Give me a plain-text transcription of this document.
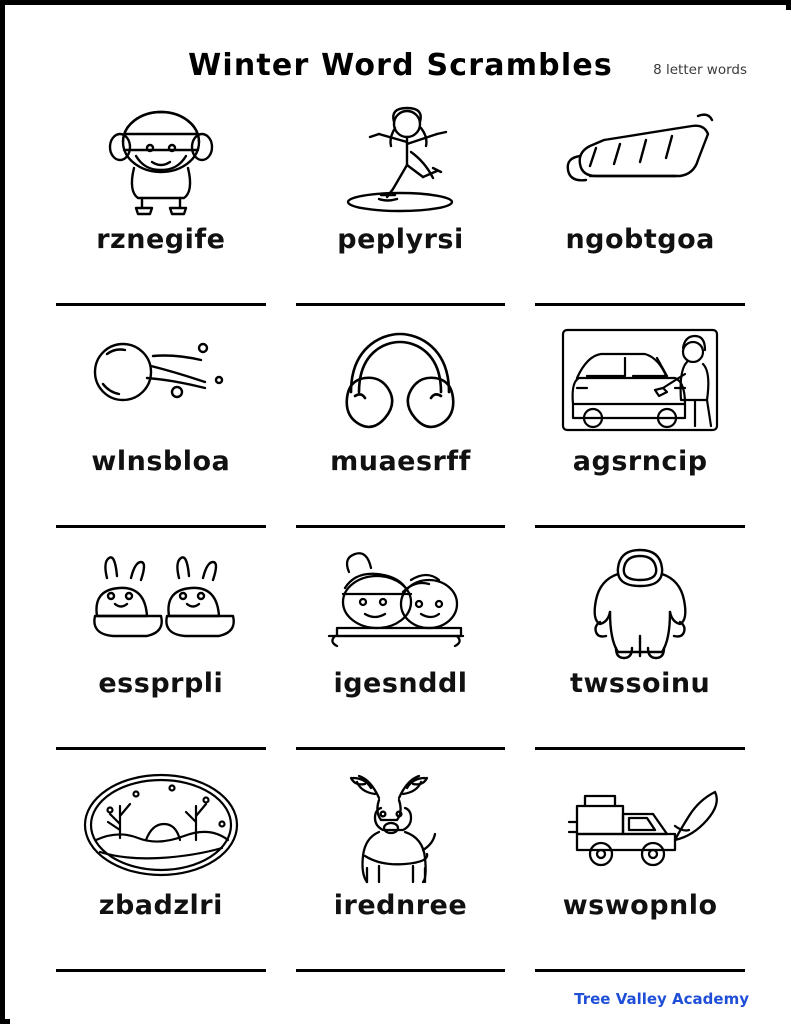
Winter Word Scrambles	8 letter words
rznegife	peplyrsi	ngobtgoa
wlnsbloa	muaesrff	agsrncip
essprpli	igesnddl	twssoinu
zbadzlri	irednree	wswopnlo
Tree Valley Academy
